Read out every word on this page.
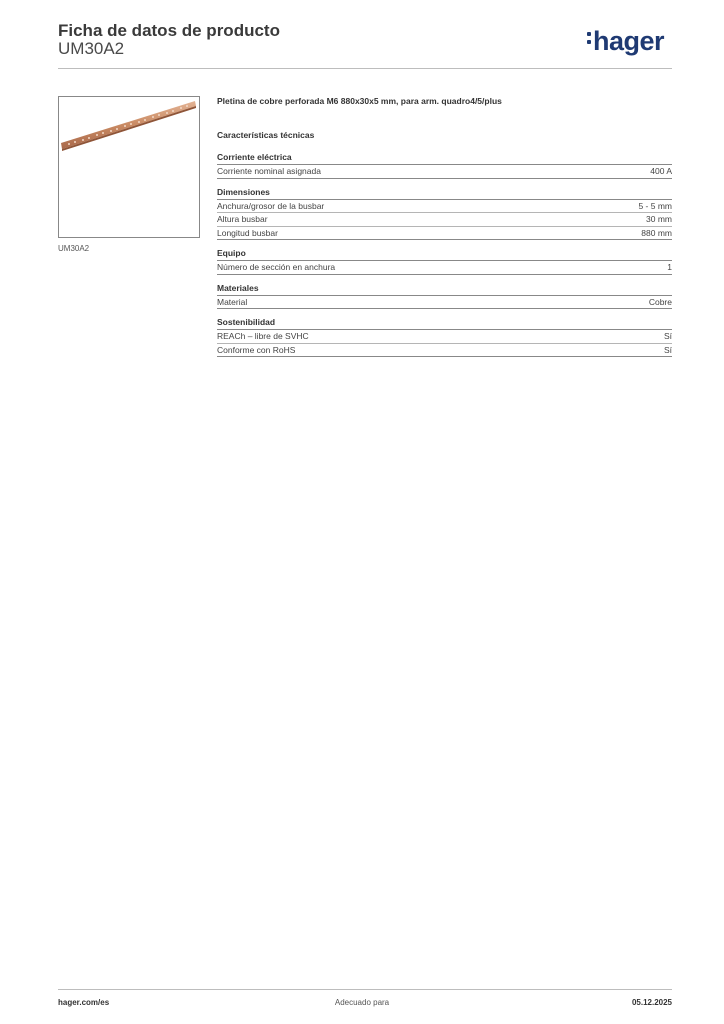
Ficha de datos de producto
UM30A2	hager
UM30A2
Pletina de cobre perforada M6 880x30x5 mm, para arm. quadro4/5/plus
Características técnicas
Corriente eléctrica
Corriente nominal asignada	400 A
Dimensiones
Anchura/grosor de la busbar	5 - 5 mm
Altura busbar	30 mm
Longitud busbar	880 mm
Equipo
Número de sección en anchura	1
Materiales
Material	Cobre
Sostenibilidad
REACh – libre de SVHC	Sí
Conforme con RoHS	Sí
hager.com/es	Adecuado para	05.12.2025
